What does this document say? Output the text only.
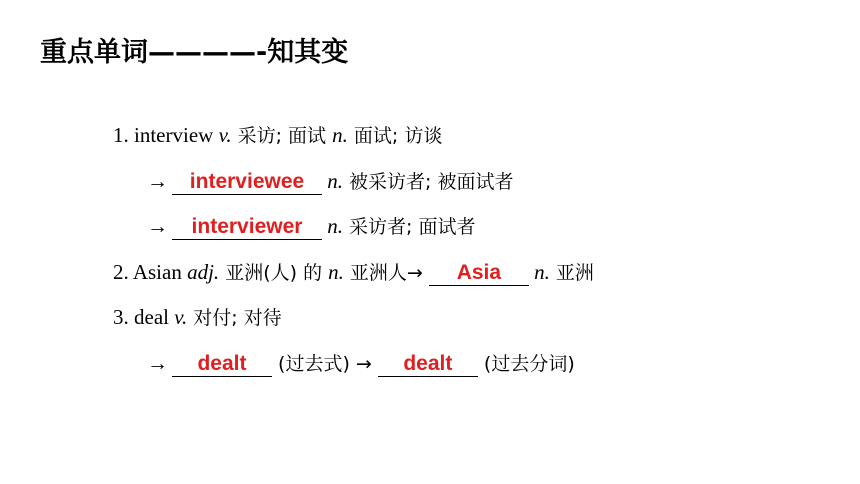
重点单词————-知其变
1. interview v. 采访; 面试 n. 面试; 访谈
→ interviewee n. 被采访者; 被面试者
→ interviewer n. 采访者; 面试者
2. Asian adj. 亚洲(人) 的 n. 亚洲人→ Asia n. 亚洲
3. deal v. 对付; 对待
→ dealt (过去式) → dealt (过去分词)
